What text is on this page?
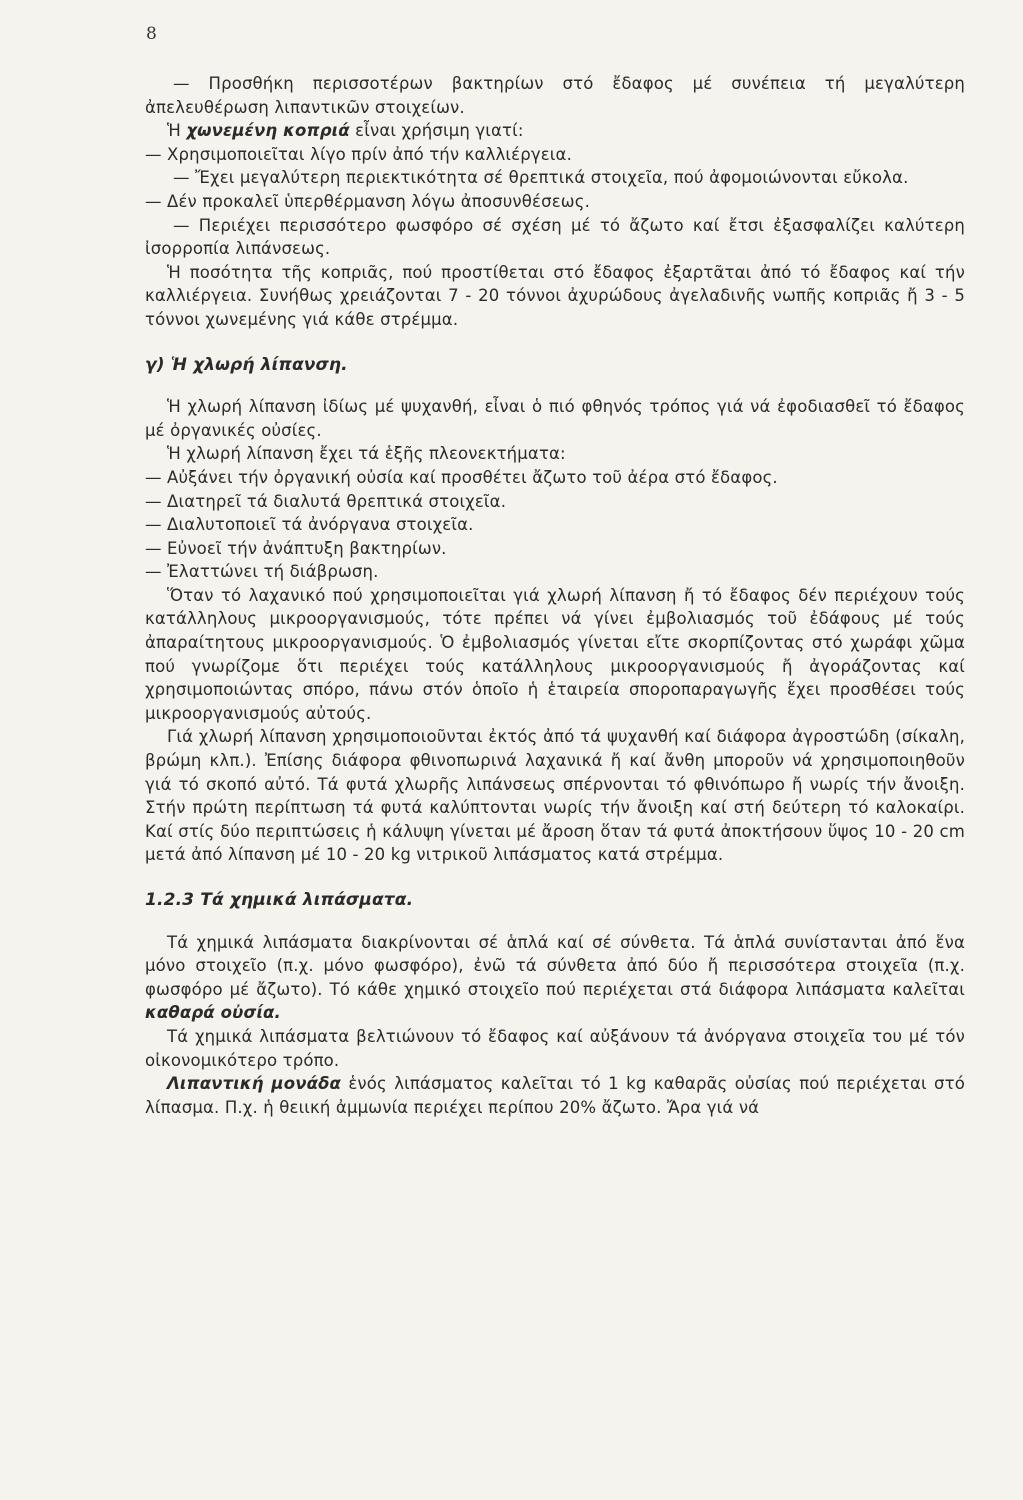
8

— Προσθήκη περισσοτέρων βακτηρίων στό ἔδαφος μέ συνέπεια τή μεγαλύτερη ἀπελευθέρωση λιπαντικῶν στοιχείων.

Ἡ χωνεμένη κοπριά εἶναι χρήσιμη γιατί:

— Χρησιμοποιεῖται λίγο πρίν ἀπό τήν καλλιέργεια.

— Ἔχει μεγαλύτερη περιεκτικότητα σέ θρεπτικά στοιχεῖα, πού ἀφομοιώνονται εὔκολα.

— Δέν προκαλεῖ ὑπερθέρμανση λόγω ἀποσυνθέσεως.

— Περιέχει περισσότερο φωσφόρο σέ σχέση μέ τό ἄζωτο καί ἔτσι ἐξασφαλίζει καλύτερη ἰσορροπία λιπάνσεως.

Ἡ ποσότητα τῆς κοπριᾶς, πού προστίθεται στό ἔδαφος ἐξαρτᾶται ἀπό τό ἔδαφος καί τήν καλλιέργεια. Συνήθως χρειάζονται 7 - 20 τόννοι ἀχυρώδους ἀγελαδινῆς νωπῆς κοπριᾶς ἤ 3 - 5 τόννοι χωνεμένης γιά κάθε στρέμμα.

γ) Ἡ χλωρή λίπανση.

Ἡ χλωρή λίπανση ἰδίως μέ ψυχανθή, εἶναι ὁ πιό φθηνός τρόπος γιά νά ἐφοδιασθεῖ τό ἔδαφος μέ ὀργανικές οὐσίες.

Ἡ χλωρή λίπανση ἔχει τά ἑξῆς πλεονεκτήματα:

— Αὐξάνει τήν ὀργανική οὐσία καί προσθέτει ἄζωτο τοῦ ἀέρα στό ἔδαφος.

— Διατηρεῖ τά διαλυτά θρεπτικά στοιχεῖα.

— Διαλυτοποιεῖ τά ἀνόργανα στοιχεῖα.

— Εὐνοεῖ τήν ἀνάπτυξη βακτηρίων.

— Ἐλαττώνει τή διάβρωση.

Ὅταν τό λαχανικό πού χρησιμοποιεῖται γιά χλωρή λίπανση ἤ τό ἔδαφος δέν περιέχουν τούς κατάλληλους μικροοργανισμούς, τότε πρέπει νά γίνει ἐμβολιασμός τοῦ ἐδάφους μέ τούς ἀπαραίτητους μικροοργανισμούς. Ὁ ἐμβολιασμός γίνεται εἴτε σκορπίζοντας στό χωράφι χῶμα πού γνωρίζομε ὅτι περιέχει τούς κατάλληλους μικροοργανισμούς ἤ ἀγοράζοντας καί χρησιμοποιώντας σπόρο, πάνω στόν ὁποῖο ἡ ἑταιρεία σποροπαραγωγῆς ἔχει προσθέσει τούς μικροοργανισμούς αὐτούς.

Γιά χλωρή λίπανση χρησιμοποιοῦνται ἐκτός ἀπό τά ψυχανθή καί διάφορα ἀγροστώδη (σίκαλη, βρώμη κλπ.). Ἐπίσης διάφορα φθινοπωρινά λαχανικά ἤ καί ἄνθη μποροῦν νά χρησιμοποιηθοῦν γιά τό σκοπό αὐτό. Τά φυτά χλωρῆς λιπάνσεως σπέρνονται τό φθινόπωρο ἤ νωρίς τήν ἄνοιξη. Στήν πρώτη περίπτωση τά φυτά καλύπτονται νωρίς τήν ἄνοιξη καί στή δεύτερη τό καλοκαίρι. Καί στίς δύο περιπτώσεις ἡ κάλυψη γίνεται μέ ἄροση ὅταν τά φυτά ἀποκτήσουν ὕψος 10 - 20 cm μετά ἀπό λίπανση μέ 10 - 20 kg νιτρικοῦ λιπάσματος κατά στρέμμα.

1.2.3 Τά χημικά λιπάσματα.

Τά χημικά λιπάσματα διακρίνονται σέ ἁπλά καί σέ σύνθετα. Τά ἁπλά συνίστανται ἀπό ἕνα μόνο στοιχεῖο (π.χ. μόνο φωσφόρο), ἐνῶ τά σύνθετα ἀπό δύο ἤ περισσότερα στοιχεῖα (π.χ. φωσφόρο μέ ἄζωτο). Τό κάθε χημικό στοιχεῖο πού περιέχεται στά διάφορα λιπάσματα καλεῖται καθαρά οὐσία.

Τά χημικά λιπάσματα βελτιώνουν τό ἔδαφος καί αὐξάνουν τά ἀνόργανα στοιχεῖα του μέ τόν οἰκονομικότερο τρόπο.

Λιπαντική μονάδα ἑνός λιπάσματος καλεῖται τό 1 kg καθαρᾶς οὐσίας πού περιέχεται στό λίπασμα. Π.χ. ἡ θειική ἀμμωνία περιέχει περίπου 20% ἄζωτο. Ἄρα γιά νά
